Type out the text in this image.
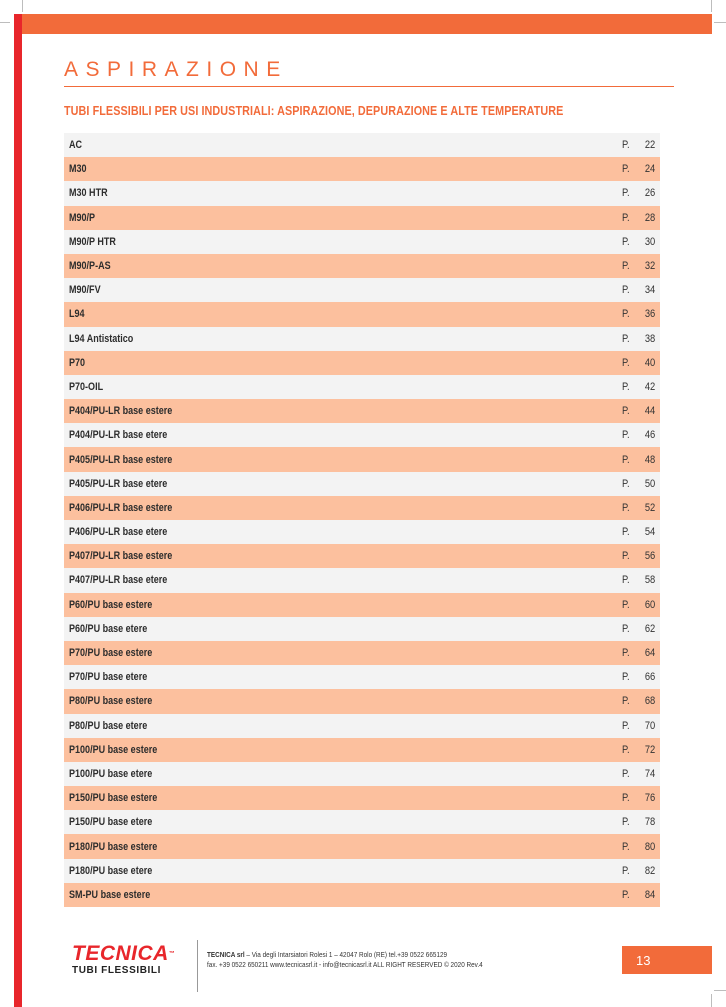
ASPIRAZIONE
TUBI FLESSIBILI PER USI INDUSTRIALI: ASPIRAZIONE, DEPURAZIONE E ALTE TEMPERATURE
AC	P. 22
M30	P. 24
M30 HTR	P. 26
M90/P	P. 28
M90/P HTR	P. 30
M90/P-AS	P. 32
M90/FV	P. 34
L94	P. 36
L94 Antistatico	P. 38
P70	P. 40
P70-OIL	P. 42
P404/PU-LR base estere	P. 44
P404/PU-LR base etere	P. 46
P405/PU-LR base estere	P. 48
P405/PU-LR base etere	P. 50
P406/PU-LR base estere	P. 52
P406/PU-LR base etere	P. 54
P407/PU-LR base estere	P. 56
P407/PU-LR base etere	P. 58
P60/PU base estere	P. 60
P60/PU base etere	P. 62
P70/PU base estere	P. 64
P70/PU base etere	P. 66
P80/PU base estere	P. 68
P80/PU base etere	P. 70
P100/PU base estere	P. 72
P100/PU base etere	P. 74
P150/PU base estere	P. 76
P150/PU base etere	P. 78
P180/PU base estere	P. 80
P180/PU base etere	P. 82
SM-PU base estere	P. 84
TECNICA™
TUBI FLESSIBILI
TECNICA srl – Via degli Intarsiatori Rolesi 1 – 42047 Rolo (RE) tel.+39 0522 665129
fax. +39 0522 650211 www.tecnicasrl.it - info@tecnicasrl.it ALL RIGHT RESERVED © 2020 Rev.4	13
